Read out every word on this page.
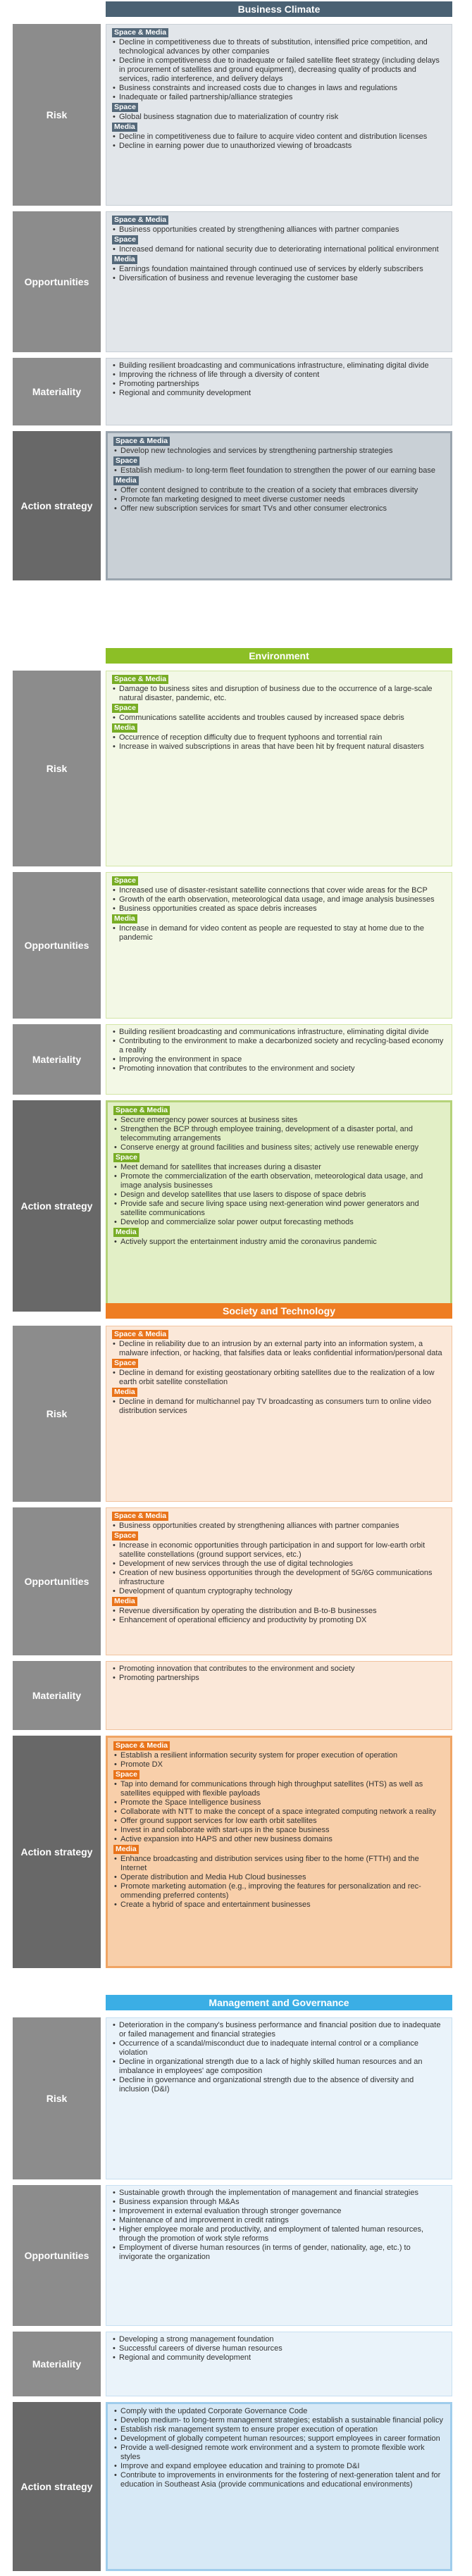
Business Climate
Risk
Space & Media
• Decline in competitiveness due to threats of substitution, intensified price competition, and technological advances by other companies
• Decline in competitiveness due to inadequate or failed satellite fleet strategy (including delays in procurement of satellites and ground equipment), decreasing quality of products and services, radio interference, and delivery delays
• Business constraints and increased costs due to changes in laws and regulations
• Inadequate or failed partnership/alliance strategies
Space
• Global business stagnation due to materialization of country risk
Media
• Decline in competitiveness due to failure to acquire video content and distribution licenses
• Decline in earning power due to unauthorized viewing of broadcasts
Opportunities
Space & Media
• Business opportunities created by strengthening alliances with partner companies
Space
• Increased demand for national security due to deteriorating international political environment
Media
• Earnings foundation maintained through continued use of services by elderly subscribers
• Diversification of business and revenue leveraging the customer base
Materiality
• Building resilient broadcasting and communications infrastructure, eliminating digital divide
• Improving the richness of life through a diversity of content
• Promoting partnerships
• Regional and community development
Action strategy
Space & Media
• Develop new technologies and services by strengthening partnership strategies
Space
• Establish medium- to long-term fleet foundation to strengthen the power of our earning base
Media
• Offer content designed to contribute to the creation of a society that embraces diversity
• Promote fan marketing designed to meet diverse customer needs
• Offer new subscription services for smart TVs and other consumer electronics
Environment
Risk
Space & Media
• Damage to business sites and disruption of business due to the occurrence of a large-scale natural disaster, pandemic, etc.
Space
• Communications satellite accidents and troubles caused by increased space debris
Media
• Occurrence of reception difficulty due to frequent typhoons and torrential rain
• Increase in waived subscriptions in areas that have been hit by frequent natural disasters
Opportunities
Space
• Increased use of disaster-resistant satellite connections that cover wide areas for the BCP
• Growth of the earth observation, meteorological data usage, and image analysis businesses
• Business opportunities created as space debris increases
Media
• Increase in demand for video content as people are requested to stay at home due to the pandemic
Materiality
• Building resilient broadcasting and communications infrastructure, eliminating digital divide
• Contributing to the environment to make a decarbonized society and recycling-based economy a reality
• Improving the environment in space
• Promoting innovation that contributes to the environment and society
Action strategy
Space & Media
• Secure emergency power sources at business sites
• Strengthen the BCP through employee training, development of a disaster portal, and telecommuting arrangements
• Conserve energy at ground facilities and business sites; actively use renewable energy
Space
• Meet demand for satellites that increases during a disaster
• Promote the commercialization of the earth observation, meteorological data usage, and image analysis businesses
• Design and develop satellites that use lasers to dispose of space debris
• Provide safe and secure living space using next-generation wind power generators and satellite communications
• Develop and commercialize solar power output forecasting methods
Media
• Actively support the entertainment industry amid the coronavirus pandemic
Society and Technology
Risk
Space & Media
• Decline in reliability due to an intrusion by an external party into an information system, a malware infection, or hacking, that falsifies data or leaks confidential information/personal data
Space
• Decline in demand for existing geostationary orbiting satellites due to the realization of a low earth orbit satellite constellation
Media
• Decline in demand for multichannel pay TV broadcasting as consumers turn to online video distribution services
Opportunities
Space & Media
• Business opportunities created by strengthening alliances with partner companies
Space
• Increase in economic opportunities through participation in and support for low-earth orbit satellite constellations (ground support services, etc.)
• Development of new services through the use of digital technologies
• Creation of new business opportunities through the development of 5G/6G communications infrastructure
• Development of quantum cryptography technology
Media
• Revenue diversification by operating the distribution and B-to-B businesses
• Enhancement of operational efficiency and productivity by promoting DX
Materiality
• Promoting innovation that contributes to the environment and society
• Promoting partnerships
Action strategy
Space & Media
• Establish a resilient information security system for proper execution of operation
• Promote DX
Space
• Tap into demand for communications through high throughput satellites (HTS) as well as satellites equipped with flexible payloads
• Promote the Space Intelligence business
• Collaborate with NTT to make the concept of a space integrated computing network a reality
• Offer ground support services for low earth orbit satellites
• Invest in and collaborate with start-ups in the space business
• Active expansion into HAPS and other new business domains
Media
• Enhance broadcasting and distribution services using fiber to the home (FTTH) and the Internet
• Operate distribution and Media Hub Cloud businesses
• Promote marketing automation (e.g., improving the features for personalization and recommending preferred contents)
• Create a hybrid of space and entertainment businesses
Management and Governance
Risk
• Deterioration in the company's business performance and financial position due to inadequate or failed management and financial strategies
• Occurrence of a scandal/misconduct due to inadequate internal control or a compliance violation
• Decline in organizational strength due to a lack of highly skilled human resources and an imbalance in employees' age composition
• Decline in governance and organizational strength due to the absence of diversity and inclusion (D&I)
Opportunities
• Sustainable growth through the implementation of management and financial strategies
• Business expansion through M&As
• Improvement in external evaluation through stronger governance
• Maintenance of and improvement in credit ratings
• Higher employee morale and productivity, and employment of talented human resources, through the promotion of work style reforms
• Employment of diverse human resources (in terms of gender, nationality, age, etc.) to invigorate the organization
Materiality
• Developing a strong management foundation
• Successful careers of diverse human resources
• Regional and community development
Action strategy
• Comply with the updated Corporate Governance Code
• Develop medium- to long-term management strategies; establish a sustainable financial policy
• Establish risk management system to ensure proper execution of operation
• Development of globally competent human resources; support employees in career formation
• Provide a well-designed remote work environment and a system to promote flexible work styles
• Improve and expand employee education and training to promote D&I
• Contribute to improvements in environments for the fostering of next-generation talent and for education in Southeast Asia (provide communications and educational environments)
